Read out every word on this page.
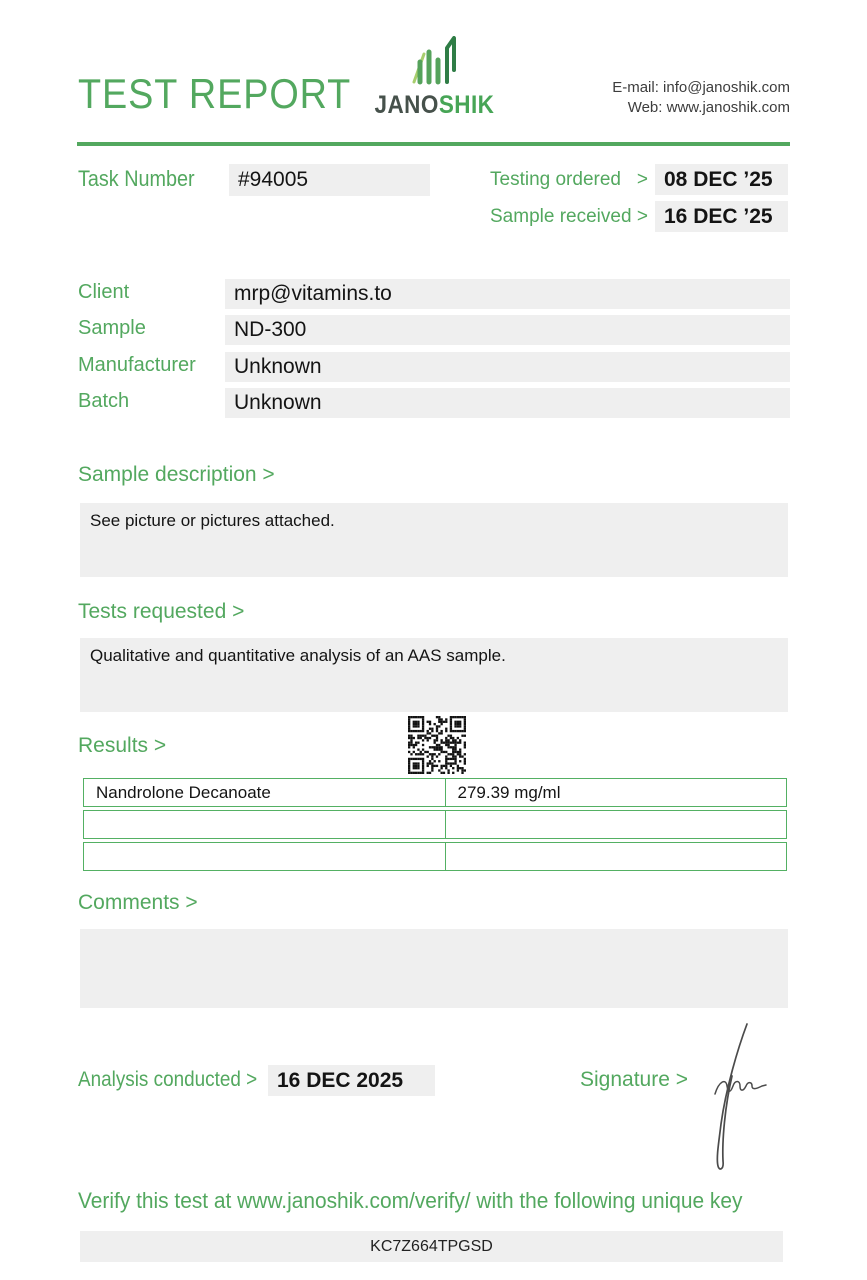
TEST REPORT JANOSHIK
E-mail: info@janoshik.com
Web: www.janoshik.com
Task Number	#94005	Testing ordered > 08 DEC ’25
Sample received > 16 DEC ’25
Client	mrp@vitamins.to
Sample	ND-300
Manufacturer	Unknown
Batch	Unknown
Sample description >
See picture or pictures attached.
Tests requested >
Qualitative and quantitative analysis of an AAS sample.
Results >
Nandrolone Decanoate	279.39 mg/ml
Comments >
Analysis conducted > 16 DEC 2025	Signature >
Verify this test at www.janoshik.com/verify/ with the following unique key
KC7Z664TPGSD
